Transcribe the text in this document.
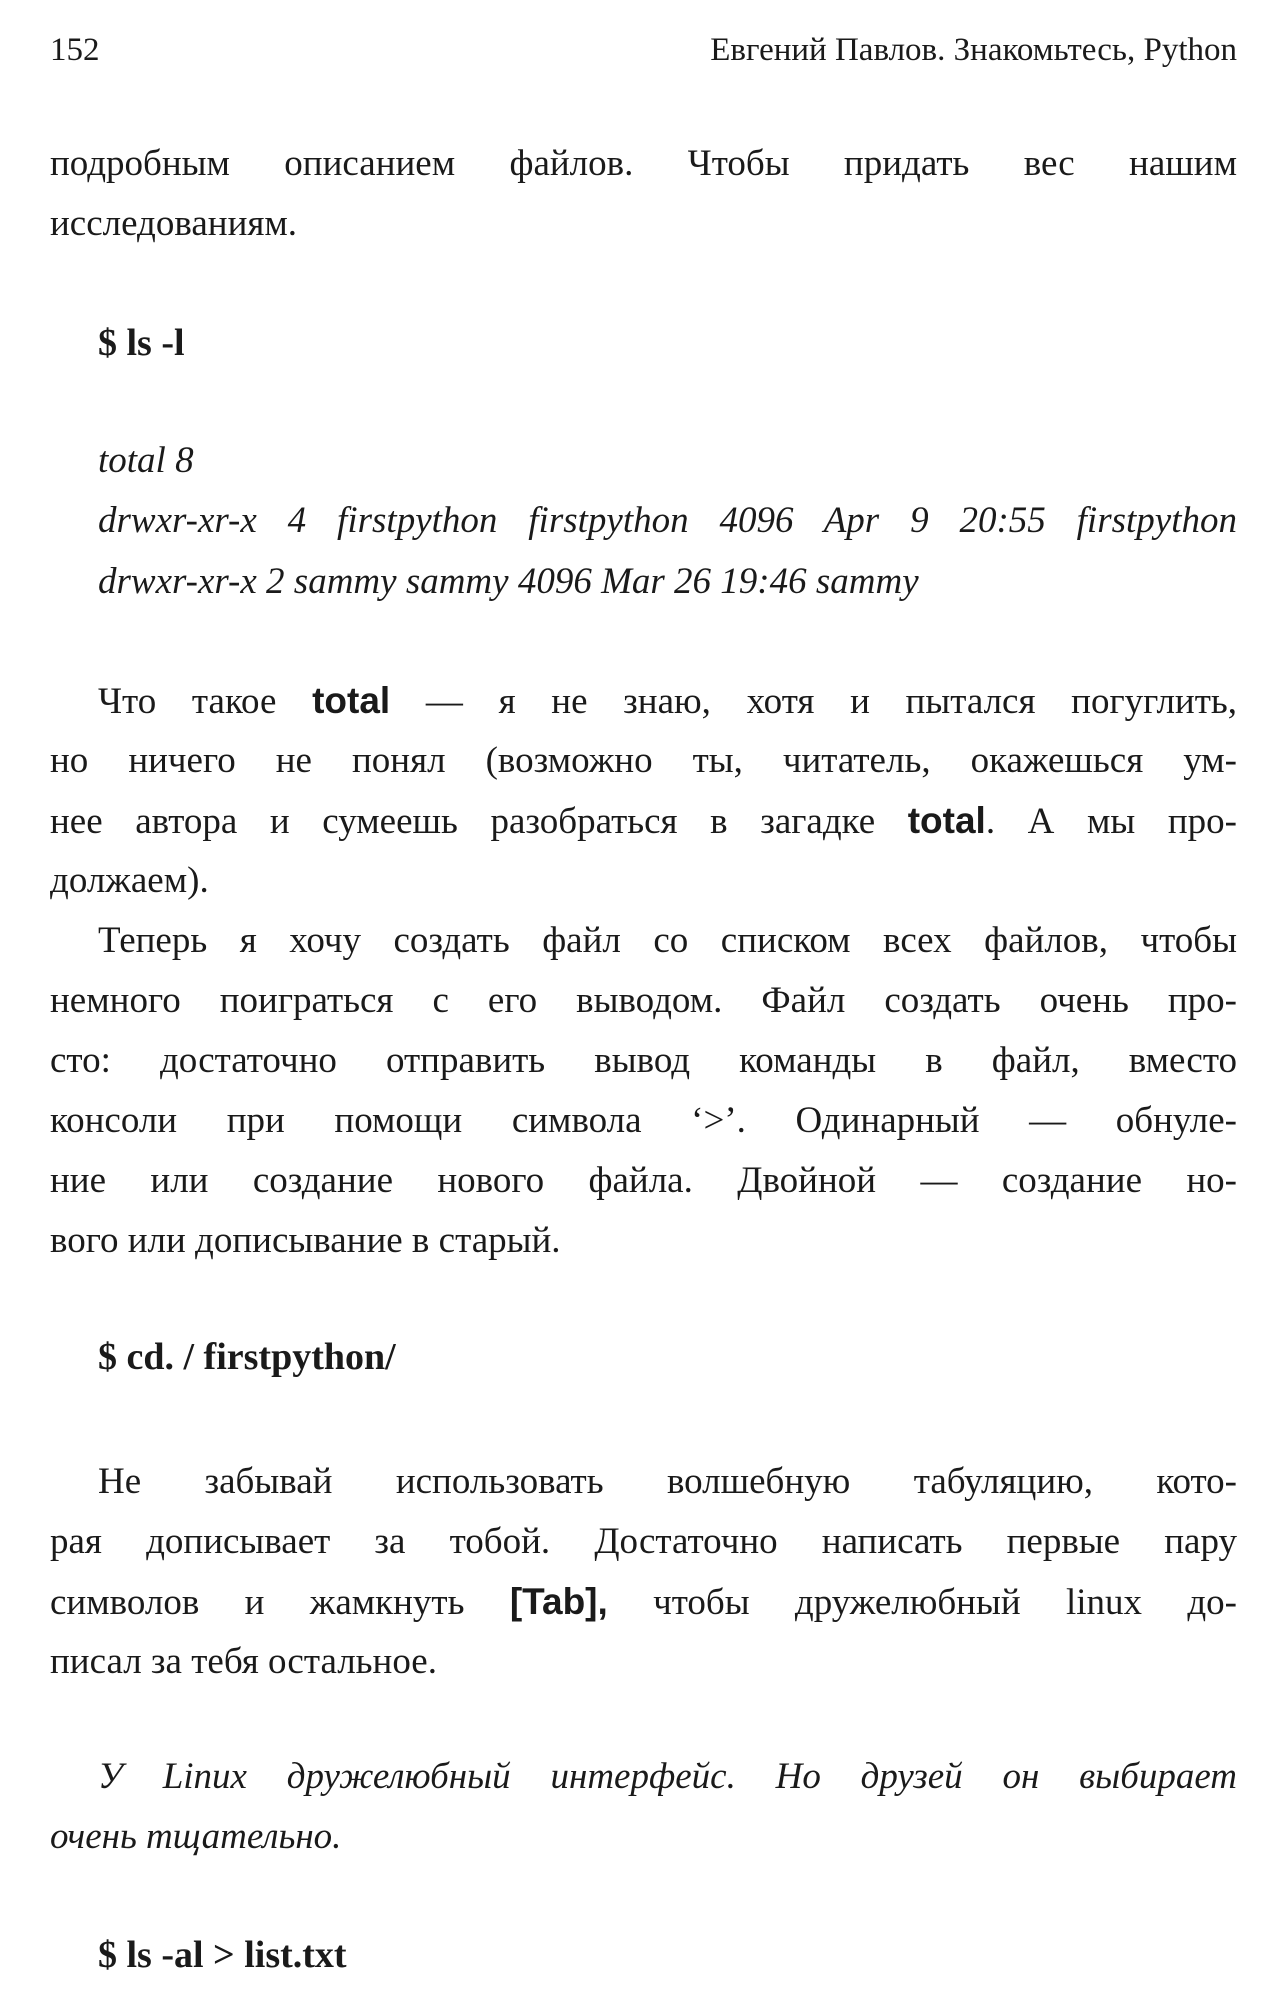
152	Евгений Павлов. Знакомьтесь, Python
подробным описанием файлов. Чтобы придать вес нашим
исследованиям.
$ ls -l
total 8
drwxr-xr-x 4 firstpython firstpython 4096 Apr 9 20:55 firstpython
drwxr-xr-x 2 sammy sammy 4096 Mar 26 19:46 sammy
Что такое total — я не знаю, хотя и пытался погуглить,
но ничего не понял (возможно ты, читатель, окажешься ум-
нее автора и сумеешь разобраться в загадке total. А мы про-
должаем).
Теперь я хочу создать файл со списком всех файлов, чтобы
немного поиграться с его выводом. Файл создать очень про-
сто: достаточно отправить вывод команды в файл, вместо
консоли при помощи символа ‘>’. Одинарный — обнуле-
ние или создание нового файла. Двойной — создание но-
вого или дописывание в старый.
$ cd. / firstpython/
Не забывай использовать волшебную табуляцию, кото-
рая дописывает за тобой. Достаточно написать первые пару
символов и жамкнуть [Tab], чтобы дружелюбный linux до-
писал за тебя остальное.
У Linux дружелюбный интерфейс. Но друзей он выбирает
очень тщательно.
$ ls -al > list.txt
